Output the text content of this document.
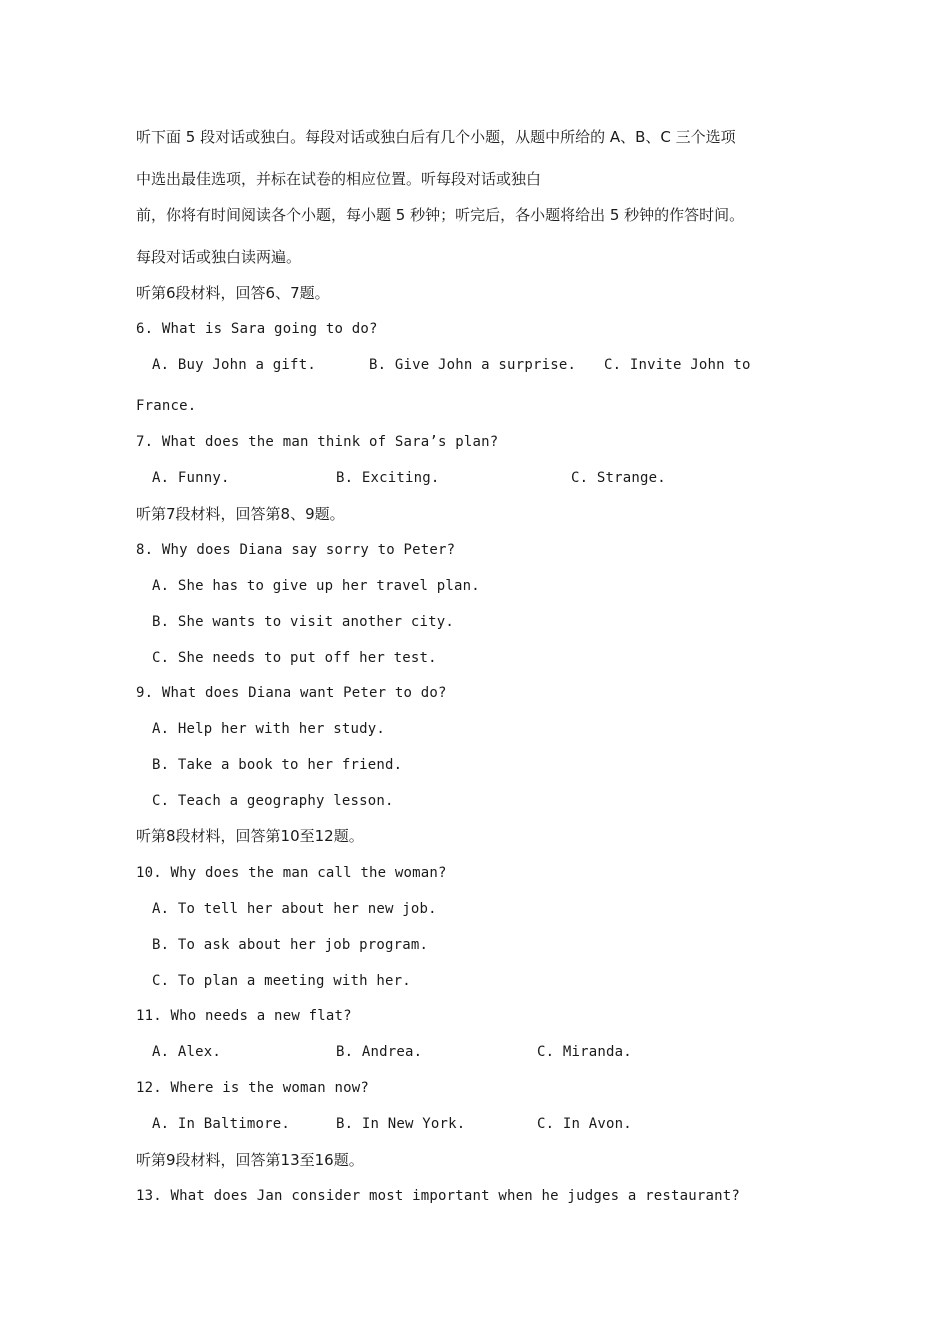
听下面 5 段对话或独白。每段对话或独白后有几个小题，从题中所给的 A、B、C 三个选项
中选出最佳选项，并标在试卷的相应位置。听每段对话或独白
前，你将有时间阅读各个小题，每小题 5 秒钟；听完后，各小题将给出 5 秒钟的作答时间。
每段对话或独白读两遍。
听第6段材料，回答6、7题。
6. What is Sara going to do?
A. Buy John a gift.	B. Give John a surprise. C. Invite John to
France.
7. What does the man think of Sara’s plan?
A. Funny.	B. Exciting.	C. Strange.
听第7段材料，回答第8、9题。
8. Why does Diana say sorry to Peter?
A. She has to give up her travel plan.
B. She wants to visit another city.
C. She needs to put off her test.
9. What does Diana want Peter to do?
A. Help her with her study.
B. Take a book to her friend.
C. Teach a geography lesson.
听第8段材料，回答第10至12题。
10. Why does the man call the woman?
A. To tell her about her new job.
B. To ask about her job program.
C. To plan a meeting with her.
11. Who needs a new flat?
A. Alex.	B. Andrea.	C. Miranda.
12. Where is the woman now?
A. In Baltimore.	B. In New York.	C. In Avon.
听第9段材料，回答第13至16题。
13. What does Jan consider most important when he judges a restaurant?
